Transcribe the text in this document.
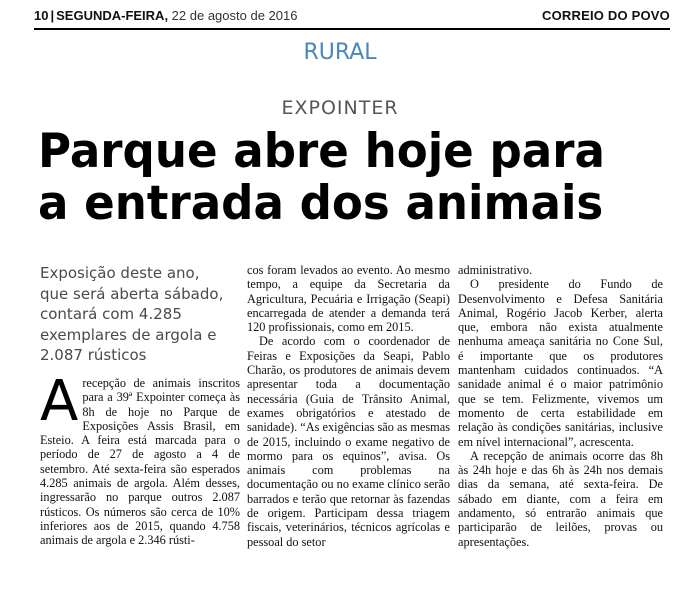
10 | SEGUNDA-FEIRA, 22 de agosto de 2016	CORREIO DO POVO
RURAL
EXPOINTER
Parque abre hoje para
a entrada dos animais
Exposição deste ano,
que será aberta sábado,
contará com 4.285
exemplares de argola e
2.087 rústicos
A recepção de animais inscritos para a 39ª Expointer começa às 8h de hoje no Parque de Exposições Assis Brasil, em Esteio. A feira está marcada para o período de 27 de agosto a 4 de setembro. Até sexta-feira são esperados 4.285 animais de argola. Além desses, ingressarão no parque outros 2.087 rústicos. Os números são cerca de 10% inferiores aos de 2015, quando 4.758 animais de argola e 2.346 rústi-

cos foram levados ao evento. Ao mesmo tempo, a equipe da Secretaria da Agricultura, Pecuária e Irrigação (Seapi) encarregada de atender a demanda terá 120 profissionais, como em 2015.

De acordo com o coordenador de Feiras e Exposições da Seapi, Pablo Charão, os produtores de animais devem apresentar toda a documentação necessária (Guia de Trânsito Animal, exames obrigatórios e atestado de sanidade). “As exigências são as mesmas de 2015, incluindo o exame negativo de mormo para os equinos”, avisa. Os animais com problemas na documentação ou no exame clínico serão barrados e terão que retornar às fazendas de origem. Participam dessa triagem fiscais, veterinários, técnicos agrícolas e pessoal do setor

administrativo.

O presidente do Fundo de Desenvolvimento e Defesa Sanitária Animal, Rogério Jacob Kerber, alerta que, embora não exista atualmente nenhuma ameaça sanitária no Cone Sul, é importante que os produtores mantenham cuidados continuados. “A sanidade animal é o maior patrimônio que se tem. Felizmente, vivemos um momento de certa estabilidade em relação às condições sanitárias, inclusive em nível internacional”, acrescenta.

A recepção de animais ocorre das 8h às 24h hoje e das 6h às 24h nos demais dias da semana, até sexta-feira. De sábado em diante, com a feira em andamento, só entrarão animais que participarão de leilões, provas ou apresentações.
